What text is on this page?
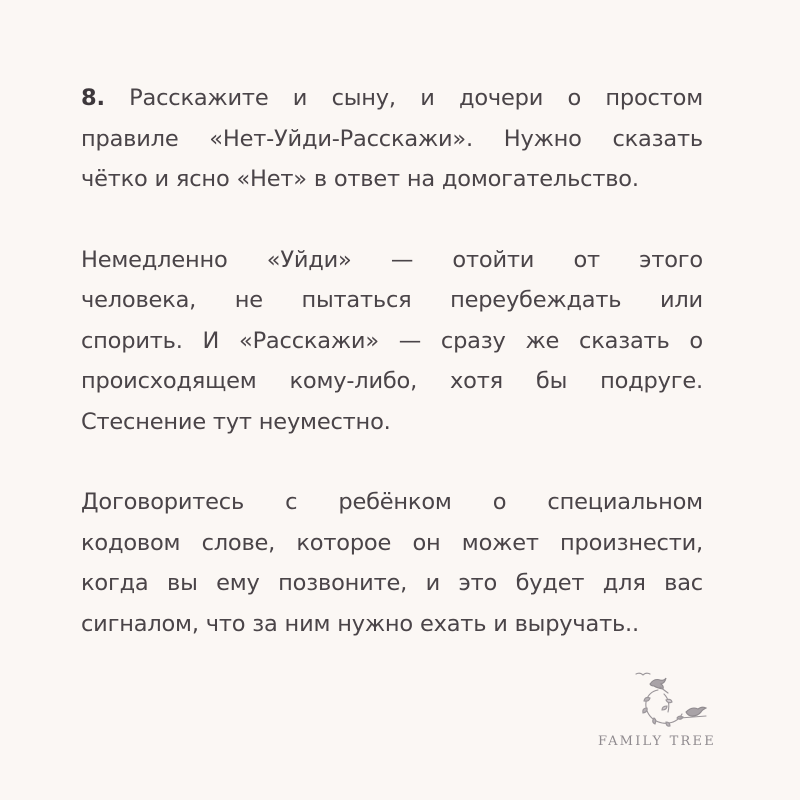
8. Расскажите и сыну, и дочери о простом
правиле «Нет-Уйди-Расскажи». Нужно сказать
чётко и ясно «Нет» в ответ на домогательство.
Немедленно «Уйди» — отойти от этого
человека, не пытаться переубеждать или
спорить. И «Расскажи» — сразу же сказать о
происходящем кому-либо, хотя бы подруге.
Стеснение тут неуместно.
Договоритесь с ребёнком о специальном
кодовом слове, которое он может произнести,
когда вы ему позвоните, и это будет для вас
сигналом, что за ним нужно ехать и выручать..
FAMILY TREE
